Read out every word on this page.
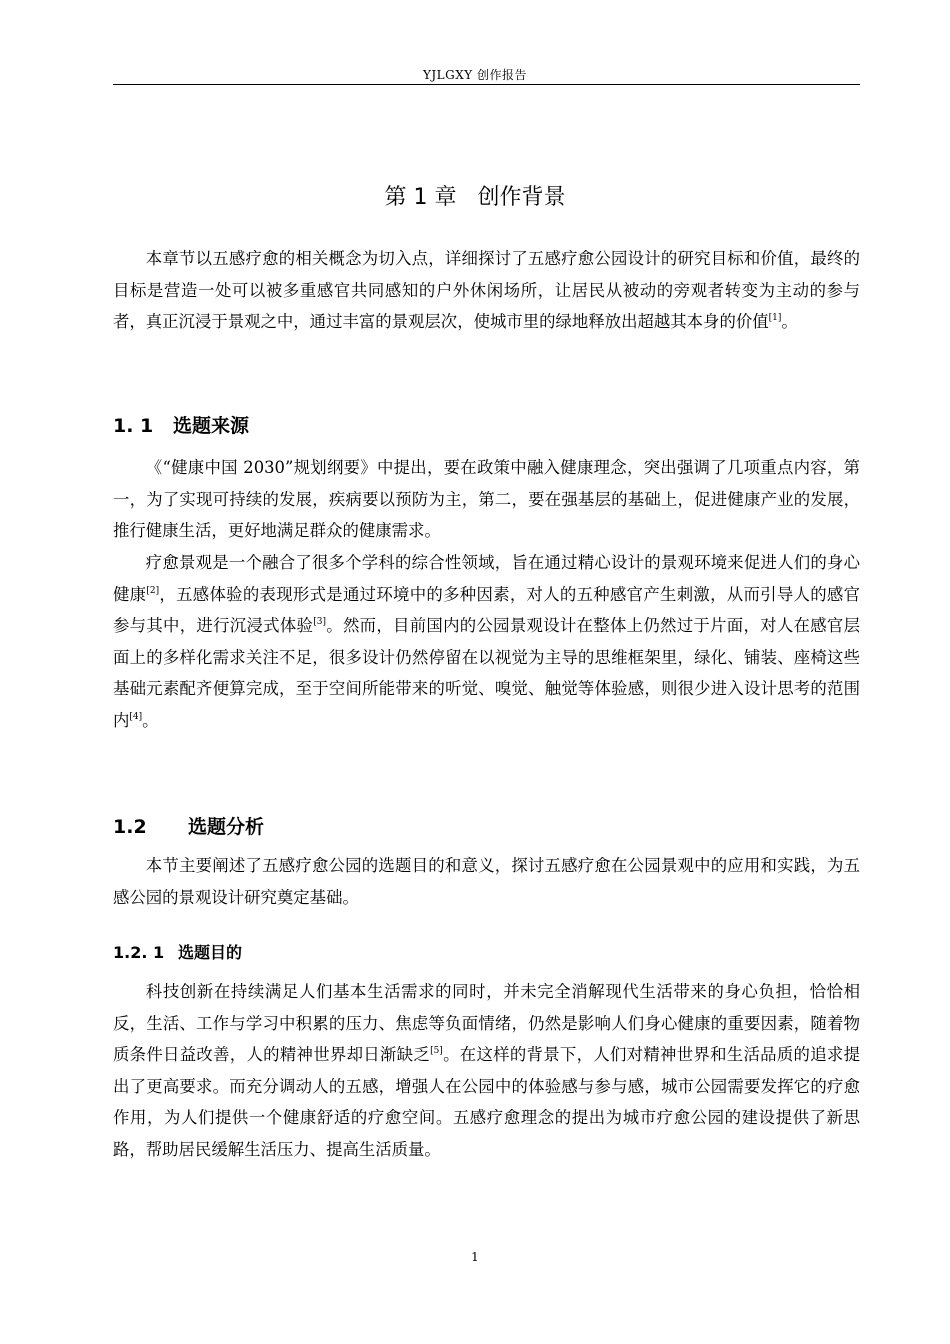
YJLGXY 创作报告
第 1 章   创作背景

本章节以五感疗愈的相关概念为切入点，详细探讨了五感疗愈公园设计的研究目标和价值，最终的目标是营造一处可以被多重感官共同感知的户外休闲场所，让居民从被动的旁观者转变为主动的参与者，真正沉浸于景观之中，通过丰富的景观层次，使城市里的绿地释放出超越其本身的价值[1]。

1. 1 选题来源

《“健康中国 2030”规划纲要》中提出，要在政策中融入健康理念，突出强调了几项重点内容，第一，为了实现可持续的发展，疾病要以预防为主，第二，要在强基层的基础上，促进健康产业的发展，推行健康生活，更好地满足群众的健康需求。

疗愈景观是一个融合了很多个学科的综合性领域，旨在通过精心设计的景观环境来促进人们的身心健康[2]，五感体验的表现形式是通过环境中的多种因素，对人的五种感官产生刺激，从而引导人的感官参与其中，进行沉浸式体验[3]。然而，目前国内的公园景观设计在整体上仍然过于片面，对人在感官层面上的多样化需求关注不足，很多设计仍然停留在以视觉为主导的思维框架里，绿化、铺装、座椅这些基础元素配齐便算完成，至于空间所能带来的听觉、嗅觉、触觉等体验感，则很少进入设计思考的范围内[4]。

1.2 选题分析

本节主要阐述了五感疗愈公园的选题目的和意义，探讨五感疗愈在公园景观中的应用和实践，为五感公园的景观设计研究奠定基础。

1.2. 1 选题目的

科技创新在持续满足人们基本生活需求的同时，并未完全消解现代生活带来的身心负担，恰恰相反，生活、工作与学习中积累的压力、焦虑等负面情绪，仍然是影响人们身心健康的重要因素，随着物质条件日益改善，人的精神世界却日渐缺乏[5]。在这样的背景下，人们对精神世界和生活品质的追求提出了更高要求。而充分调动人的五感，增强人在公园中的体验感与参与感，城市公园需要发挥它的疗愈作用，为人们提供一个健康舒适的疗愈空间。五感疗愈理念的提出为城市疗愈公园的建设提供了新思路，帮助居民缓解生活压力、提高生活质量。

1
